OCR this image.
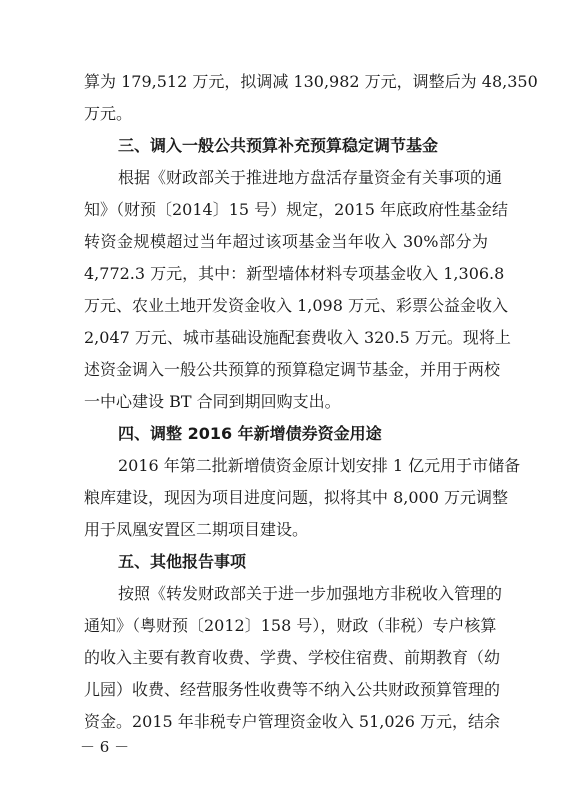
算为 179,512 万元，拟调减 130,982 万元，调整后为 48,350
万元。
三、调入一般公共预算补充预算稳定调节基金
根据《财政部关于推进地方盘活存量资金有关事项的通
知》（财预〔2014〕15 号）规定，2015 年底政府性基金结
转资金规模超过当年超过该项基金当年收入 30%部分为
4,772.3 万元，其中：新型墙体材料专项基金收入 1,306.8
万元、农业土地开发资金收入 1,098 万元、彩票公益金收入
2,047 万元、城市基础设施配套费收入 320.5 万元。现将上
述资金调入一般公共预算的预算稳定调节基金，并用于两校
一中心建设 BT 合同到期回购支出。
四、调整 2016 年新增债券资金用途
2016 年第二批新增债资金原计划安排 1 亿元用于市储备
粮库建设，现因为项目进度问题，拟将其中 8,000 万元调整
用于凤凰安置区二期项目建设。
五、其他报告事项
按照《转发财政部关于进一步加强地方非税收入管理的
通知》（粤财预〔2012〕158 号），财政（非税）专户核算
的收入主要有教育收费、学费、学校住宿费、前期教育（幼
儿园）收费、经营服务性收费等不纳入公共财政预算管理的
资金。2015 年非税专户管理资金收入 51,026 万元，结余
－ 6 －
